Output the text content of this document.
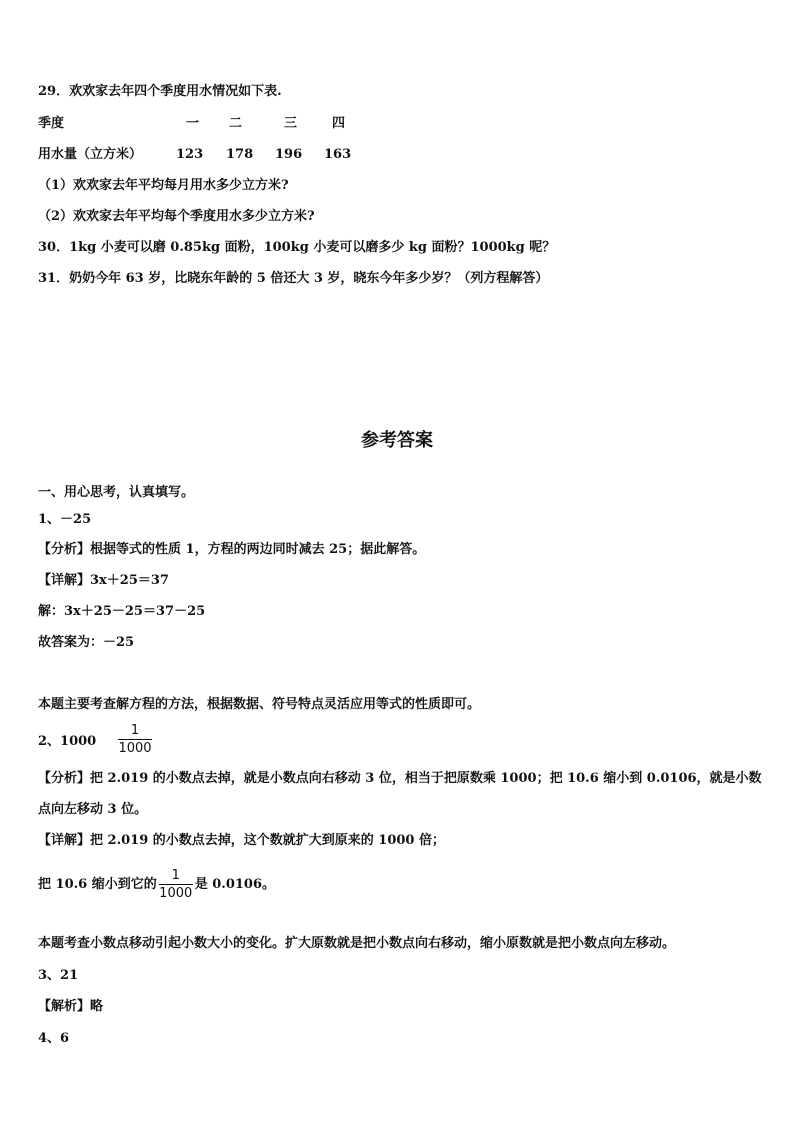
29．欢欢家去年四个季度用水情况如下表.
季度	一 二	三	四
用水量（立方米）	123 178 196 163
（1）欢欢家去年平均每月用水多少立方米?
（2）欢欢家去年平均每个季度用水多少立方米?
30．1kg 小麦可以磨 0.85kg 面粉，100kg 小麦可以磨多少 kg 面粉？1000kg 呢？
31．奶奶今年 63 岁，比晓东年龄的 5 倍还大 3 岁，晓东今年多少岁？（列方程解答）
参考答案
一、用心思考，认真填写。
1、－25
【分析】根据等式的性质 1，方程的两边同时减去 25；据此解答。
【详解】3x＋25＝37
解：3x＋25－25＝37－25
故答案为：－25
本题主要考查解方程的方法，根据数据、符号特点灵活应用等式的性质即可。
2、1000
1
1000
【分析】把 2.019 的小数点去掉，就是小数点向右移动 3 位，相当于把原数乘 1000；把 10.6 缩小到 0.0106，就是小数
点向左移动 3 位。
【详解】把 2.019 的小数点去掉，这个数就扩大到原来的 1000 倍；
把 10.6 缩小到它的 $\frac{1}{1000}$ 是 0.0106。
本题考查小数点移动引起小数大小的变化。扩大原数就是把小数点向右移动，缩小原数就是把小数点向左移动。
3、21
【解析】略
4、6
